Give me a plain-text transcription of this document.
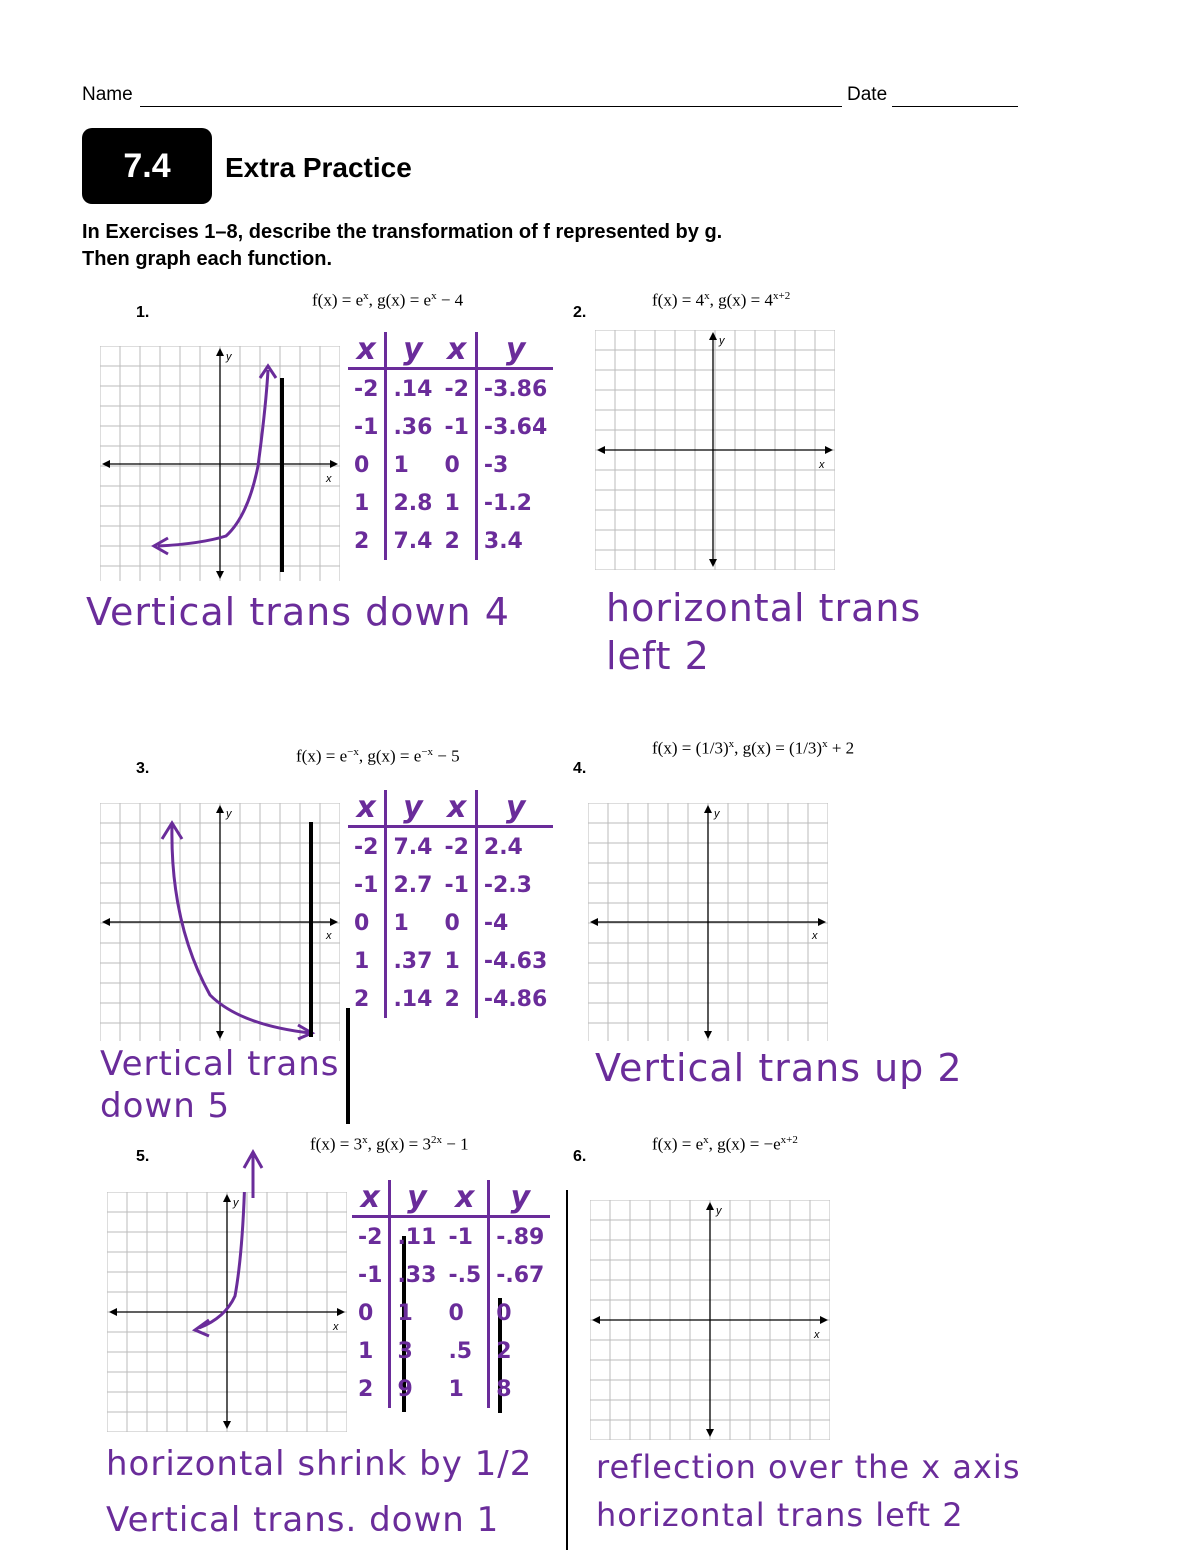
Name	Date
7.4 Extra Practice
In Exercises 1–8, describe the transformation of f represented by g.
Then graph each function.
1.
$f(x) = e^x$, $g(x) = e^x - 4$
y
x
x	y	x	y
-2	.14	-2	-3.86
-1	.36	-1	-3.64
0	1	0	-3
1	2.8	1	-1.2
2	7.4	2	3.4
Vertical trans down 4
2.
$f(x) = 4^x$, $g(x) = 4^{x+2}$
y
x
horizontal trans
left 2
3.
$f(x) = e^{-x}$, $g(x) = e^{-x} - 5$
y
x
x	y	x	y
-2	7.4	-2	2.4
-1	2.7	-1	-2.3
0	1	0	-4
1	.37	1	-4.63
2	.14	2	-4.86
Vertical trans
down 5
4.
$f(x) = (1/3)^x$, $g(x) = (1/3)^x + 2$
y
x
Vertical trans up 2
5.
$f(x) = 3^x$, $g(x) = 3^{2x} - 1$
y
x
x	y	x	y
-2	.11	-1	-.89
-1	.33	-.5	-.67
0	1	0	0
1	3	.5	2
2	9	1	8
horizontal shrink by 1/2
Vertical trans. down 1
6.
$f(x) = e^x$, $g(x) = -e^{x+2}$
y
x
reflection over the x axis
horizontal trans left 2
